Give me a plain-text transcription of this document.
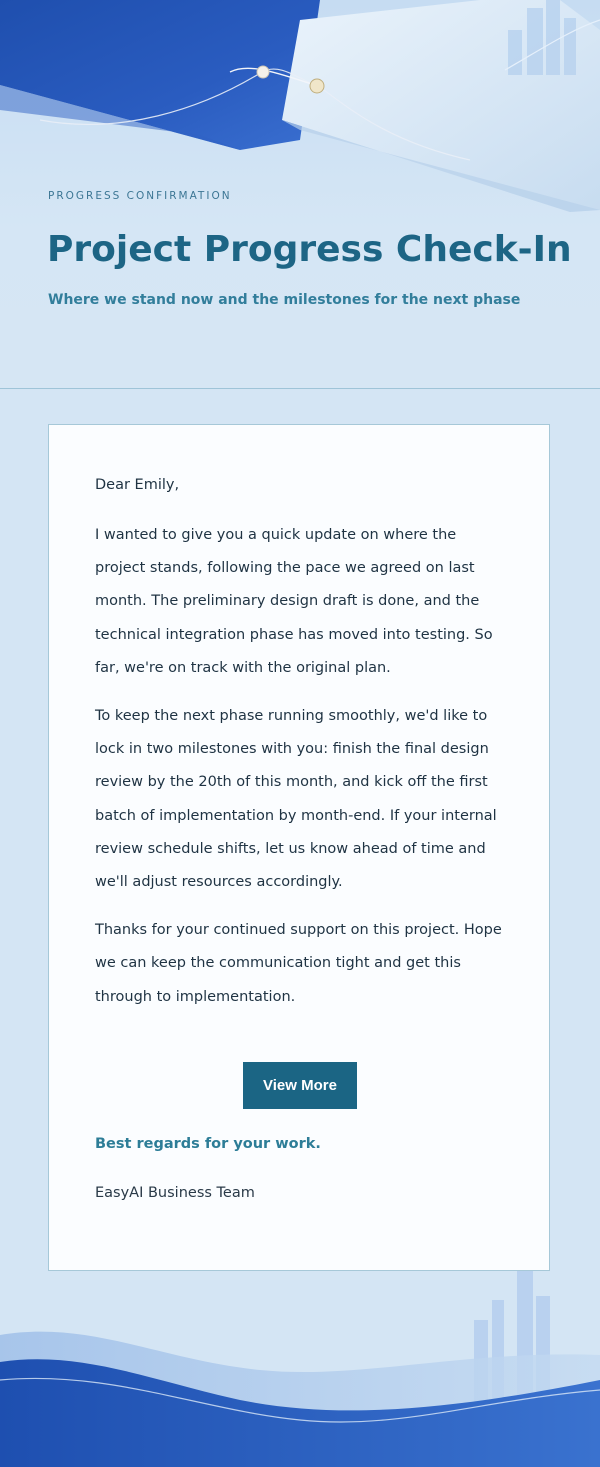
PROGRESS CONFIRMATION
Project Progress Check-In
Where we stand now and the milestones for the next phase

Dear Emily,

I wanted to give you a quick update on where the project stands, following the pace we agreed on last month. The preliminary design draft is done, and the technical integration phase has moved into testing. So far, we're on track with the original plan.

To keep the next phase running smoothly, we'd like to lock in two milestones with you: finish the final design review by the 20th of this month, and kick off the first batch of implementation by month-end. If your internal review schedule shifts, let us know ahead of time and we'll adjust resources accordingly.

Thanks for your continued support on this project. Hope we can keep the communication tight and get this through to implementation.

View More
Best regards for your work.
EasyAI Business Team
